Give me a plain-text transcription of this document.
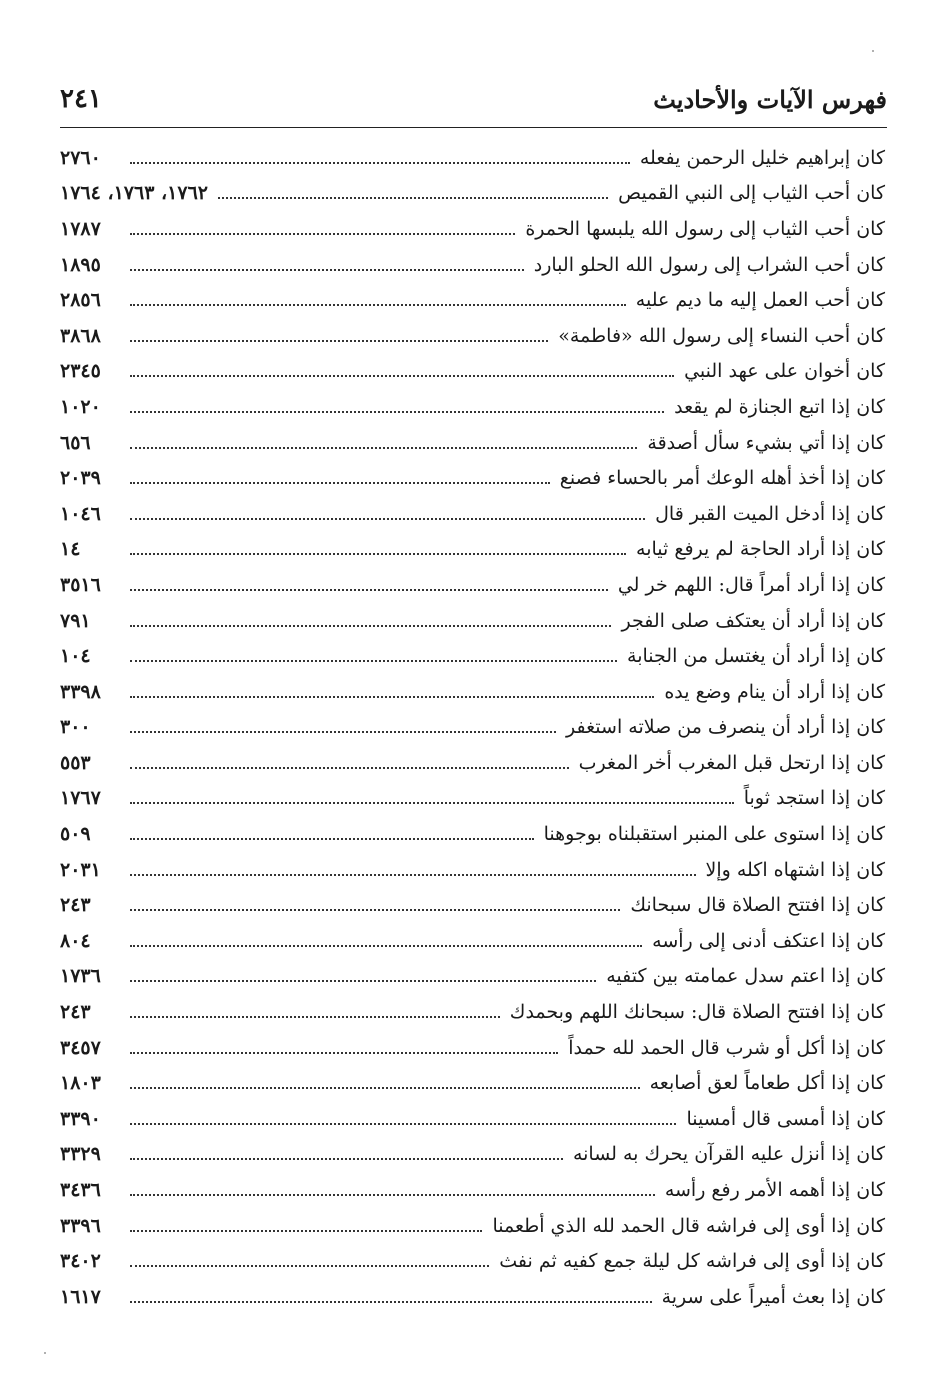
فهرس الآيات والأحاديث
٢٤١
كان إبراهيم خليل الرحمن يفعله
٢٧٦٠
كان أحب الثياب إلى النبي القميص
١٧٦٢، ١٧٦٣، ١٧٦٤
كان أحب الثياب إلى رسول الله يلبسها الحمرة
١٧٨٧
كان أحب الشراب إلى رسول الله الحلو البارد
١٨٩٥
كان أحب العمل إليه ما ديم عليه
٢٨٥٦
كان أحب النساء إلى رسول الله «فاطمة»
٣٨٦٨
كان أخوان على عهد النبي
٢٣٤٥
كان إذا اتبع الجنازة لم يقعد
١٠٢٠
كان إذا أتي بشيء سأل أصدقة
٦٥٦
كان إذا أخذ أهله الوعك أمر بالحساء فصنع
٢٠٣٩
كان إذا أدخل الميت القبر قال
١٠٤٦
كان إذا أراد الحاجة لم يرفع ثيابه
١٤
كان إذا أراد أمراً قال: اللهم خر لي
٣٥١٦
كان إذا أراد أن يعتكف صلى الفجر
٧٩١
كان إذا أراد أن يغتسل من الجنابة
١٠٤
كان إذا أراد أن ينام وضع يده
٣٣٩٨
كان إذا أراد أن ينصرف من صلاته استغفر
٣٠٠
كان إذا ارتحل قبل المغرب أخر المغرب
٥٥٣
كان إذا استجد ثوباً
١٧٦٧
كان إذا استوى على المنبر استقبلناه بوجوهنا
٥٠٩
كان إذا اشتهاه اكله وإلا
٢٠٣١
كان إذا افتتح الصلاة قال سبحانك
٢٤٣
كان إذا اعتكف أدنى إلى رأسه
٨٠٤
كان إذا اعتم سدل عمامته بين كتفيه
١٧٣٦
كان إذا افتتح الصلاة قال: سبحانك اللهم وبحمدك
٢٤٣
كان إذا أكل أو شرب قال الحمد لله حمداً
٣٤٥٧
كان إذا أكل طعاماً لعق أصابعه
١٨٠٣
كان إذا أمسى قال أمسينا
٣٣٩٠
كان إذا أنزل عليه القرآن يحرك به لسانه
٣٣٢٩
كان إذا أهمه الأمر رفع رأسه
٣٤٣٦
كان إذا أوى إلى فراشه قال الحمد لله الذي أطعمنا
٣٣٩٦
كان إذا أوى إلى فراشه كل ليلة جمع كفيه ثم نفث
٣٤٠٢
كان إذا بعث أميراً على سرية
١٦١٧
